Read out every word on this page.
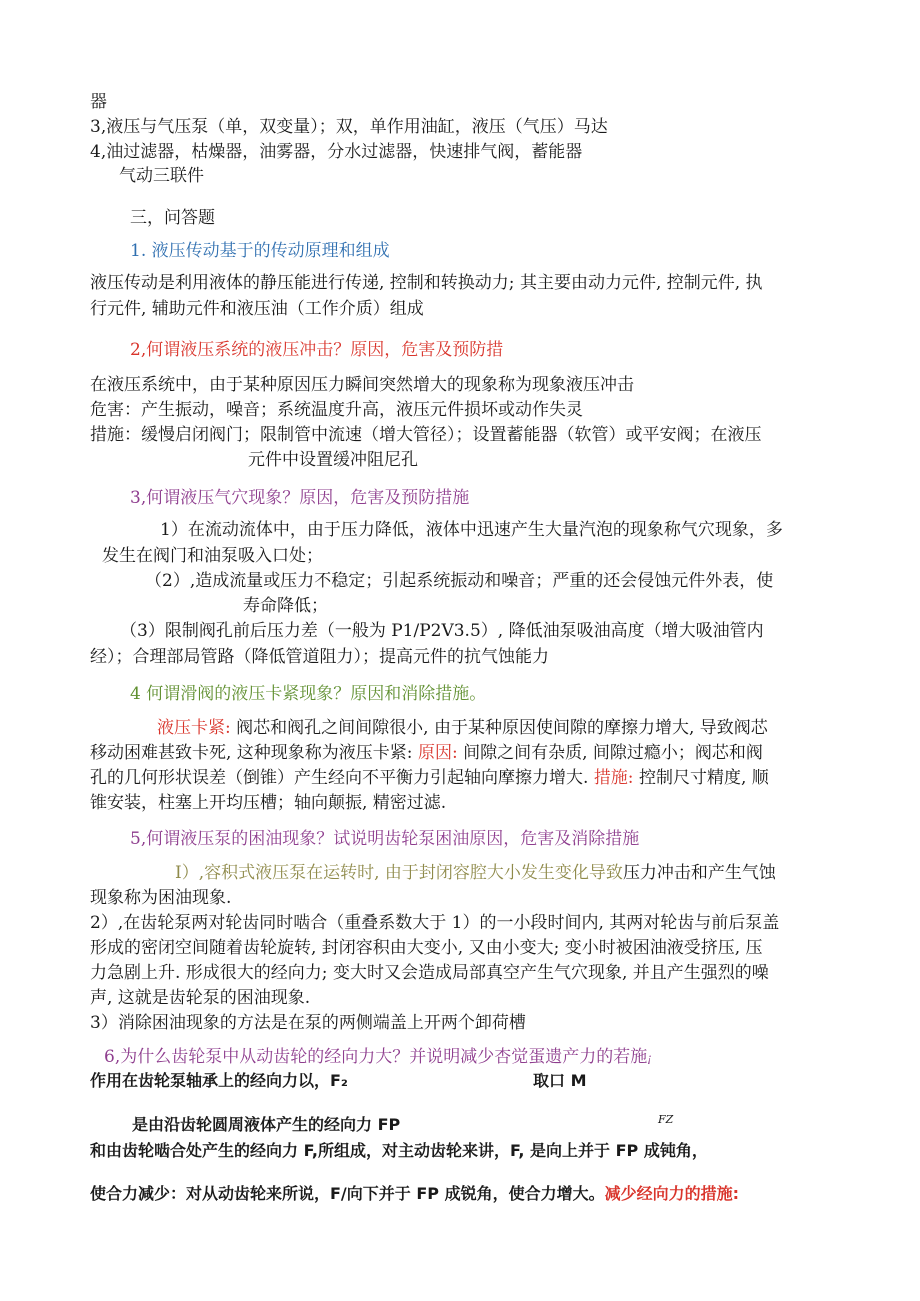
器
3,液压与气压泵（单，双变量）；双，单作用油缸，液压（气压）马达
4,油过滤器，枯燥器，油雾器，分水过滤器，快速排气阀，蓄能器
气动三联件
三，问答题
1. 液压传动基于的传动原理和组成
液压传动是利用液体的静压能进行传递, 控制和转换动力; 其主要由动力元件, 控制元件, 执
行元件, 辅助元件和液压油（工作介质）组成
2,何谓液压系统的液压冲击？原因，危害及预防措
在液压系统中，由于某种原因压力瞬间突然增大的现象称为现象液压冲击
危害：产生振动，噪音；系统温度升高，液压元件损坏或动作失灵
措施：缓慢启闭阀门；限制管中流速（增大管径）；设置蓄能器（软管）或平安阀；在液压
元件中设置缓冲阻尼孔
3,何谓液压气穴现象？原因，危害及预防措施
1）在流动流体中，由于压力降低，液体中迅速产生大量汽泡的现象称气穴现象，多
发生在阀门和油泵吸入口处；
（2）,造成流量或压力不稳定；引起系统振动和噪音；严重的还会侵蚀元件外表，使
寿命降低；
（3）限制阀孔前后压力差（一般为 P1/P2V3.5）, 降低油泵吸油高度（增大吸油管内
经）；合理部局管路（降低管道阻力）；提高元件的抗气蚀能力
4 何谓滑阀的液压卡紧现象？原因和消除措施。
液压卡紧: 阀芯和阀孔之间间隙很小, 由于某种原因使间隙的摩擦力增大, 导致阀芯
移动困难甚致卡死, 这种现象称为液压卡紧: 原因: 间隙之间有杂质, 间隙过瘾小；阀芯和阀
孔的几何形状误差（倒锥）产生经向不平衡力引起轴向摩擦力增大. 措施: 控制尺寸精度, 顺
锥安装，柱塞上开均压槽；轴向颠振, 精密过滤.
5,何谓液压泵的困油现象？试说明齿轮泵困油原因，危害及消除措施
I）,容积式液压泵在运转时, 由于封闭容腔大小发生变化导致压力冲击和产生气蚀
现象称为困油现象.
2）,在齿轮泵两对轮齿同时啮合（重叠系数大于 1）的一小段时间内, 其两对轮齿与前后泵盖
形成的密闭空间随着齿轮旋转, 封闭容积由大变小, 又由小变大; 变小时被困油液受挤压, 压
力急剧上升. 形成很大的经向力; 变大时又会造成局部真空产生气穴现象, 并且产生强烈的噪
声, 这就是齿轮泵的困油现象.
3）消除困油现象的方法是在泵的两侧端盖上开两个卸荷槽
6,为什么齿轮泵中从动齿轮的经向力大？并说明减少杏觉蛋遗产力的若施¡
作用在齿轮泵轴承上的经向力以，F₂	取口 M
是由沿齿轮圆周液体产生的经向力 FP	FZ
和由齿轮啮合处产生的经向力 F,所组成，对主动齿轮来讲，F, 是向上并于 FP 成钝角，
使合力减少：对从动齿轮来所说，F/向下并于 FP 成锐角，使合力增大。减少经向力的措施:
